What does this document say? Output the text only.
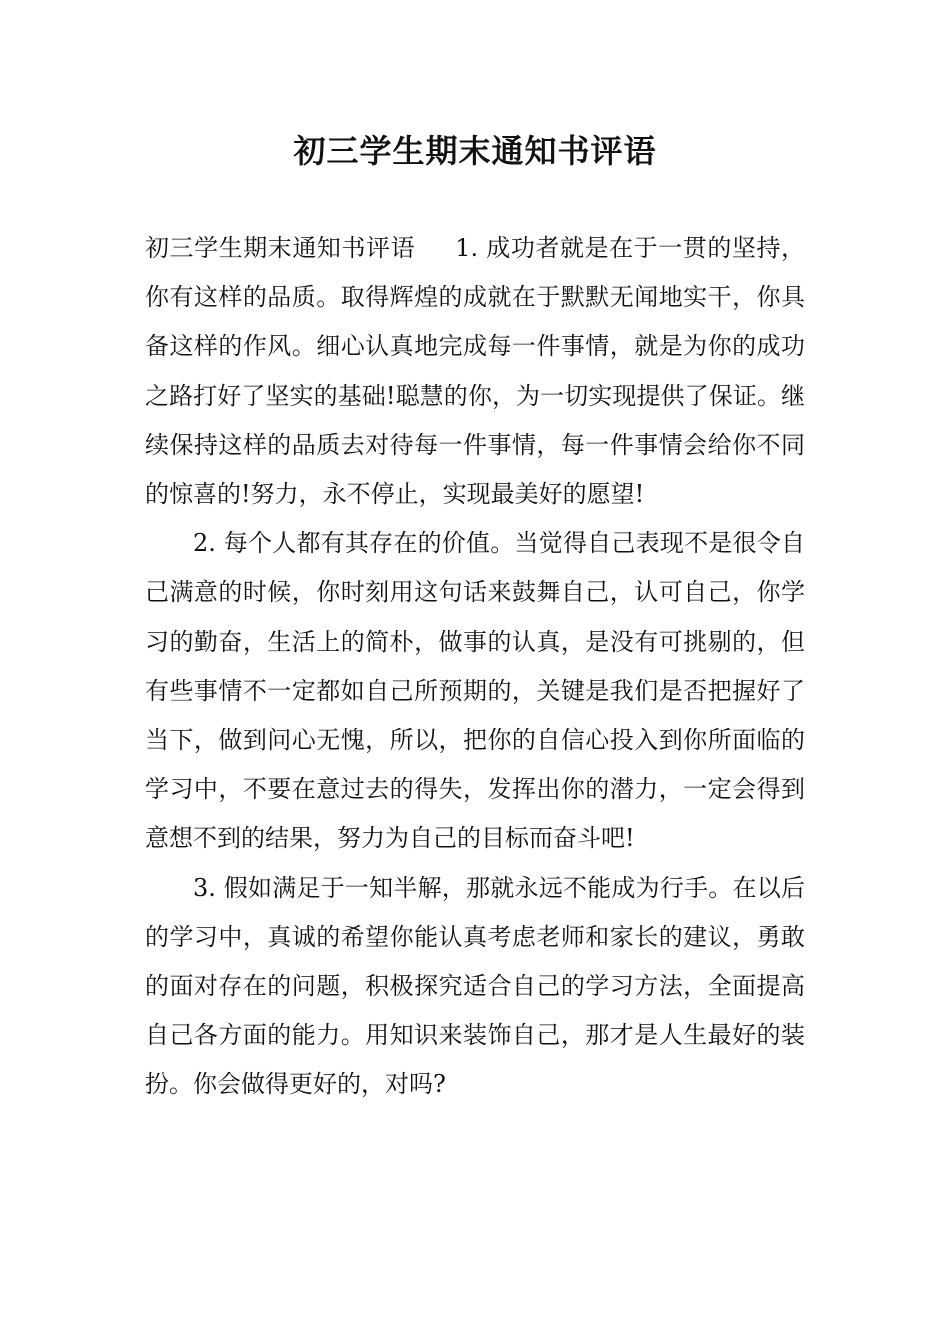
初三学生期末通知书评语

初三学生期末通知书评语 1. 成功者就是在于一贯的坚持，你有这样的品质。取得辉煌的成就在于默默无闻地实干，你具备这样的作风。细心认真地完成每一件事情，就是为你的成功之路打好了坚实的基础!聪慧的你，为一切实现提供了保证。继续保持这样的品质去对待每一件事情，每一件事情会给你不同的惊喜的!努力，永不停止，实现最美好的愿望!

2. 每个人都有其存在的价值。当觉得自己表现不是很令自己满意的时候，你时刻用这句话来鼓舞自己，认可自己，你学习的勤奋，生活上的简朴，做事的认真，是没有可挑剔的，但有些事情不一定都如自己所预期的，关键是我们是否把握好了当下，做到问心无愧，所以，把你的自信心投入到你所面临的学习中，不要在意过去的得失，发挥出你的潜力，一定会得到意想不到的结果，努力为自己的目标而奋斗吧!

3. 假如满足于一知半解，那就永远不能成为行手。在以后的学习中，真诚的希望你能认真考虑老师和家长的建议，勇敢的面对存在的问题，积极探究适合自己的学习方法，全面提高自己各方面的能力。用知识来装饰自己，那才是人生最好的装扮。你会做得更好的，对吗?
